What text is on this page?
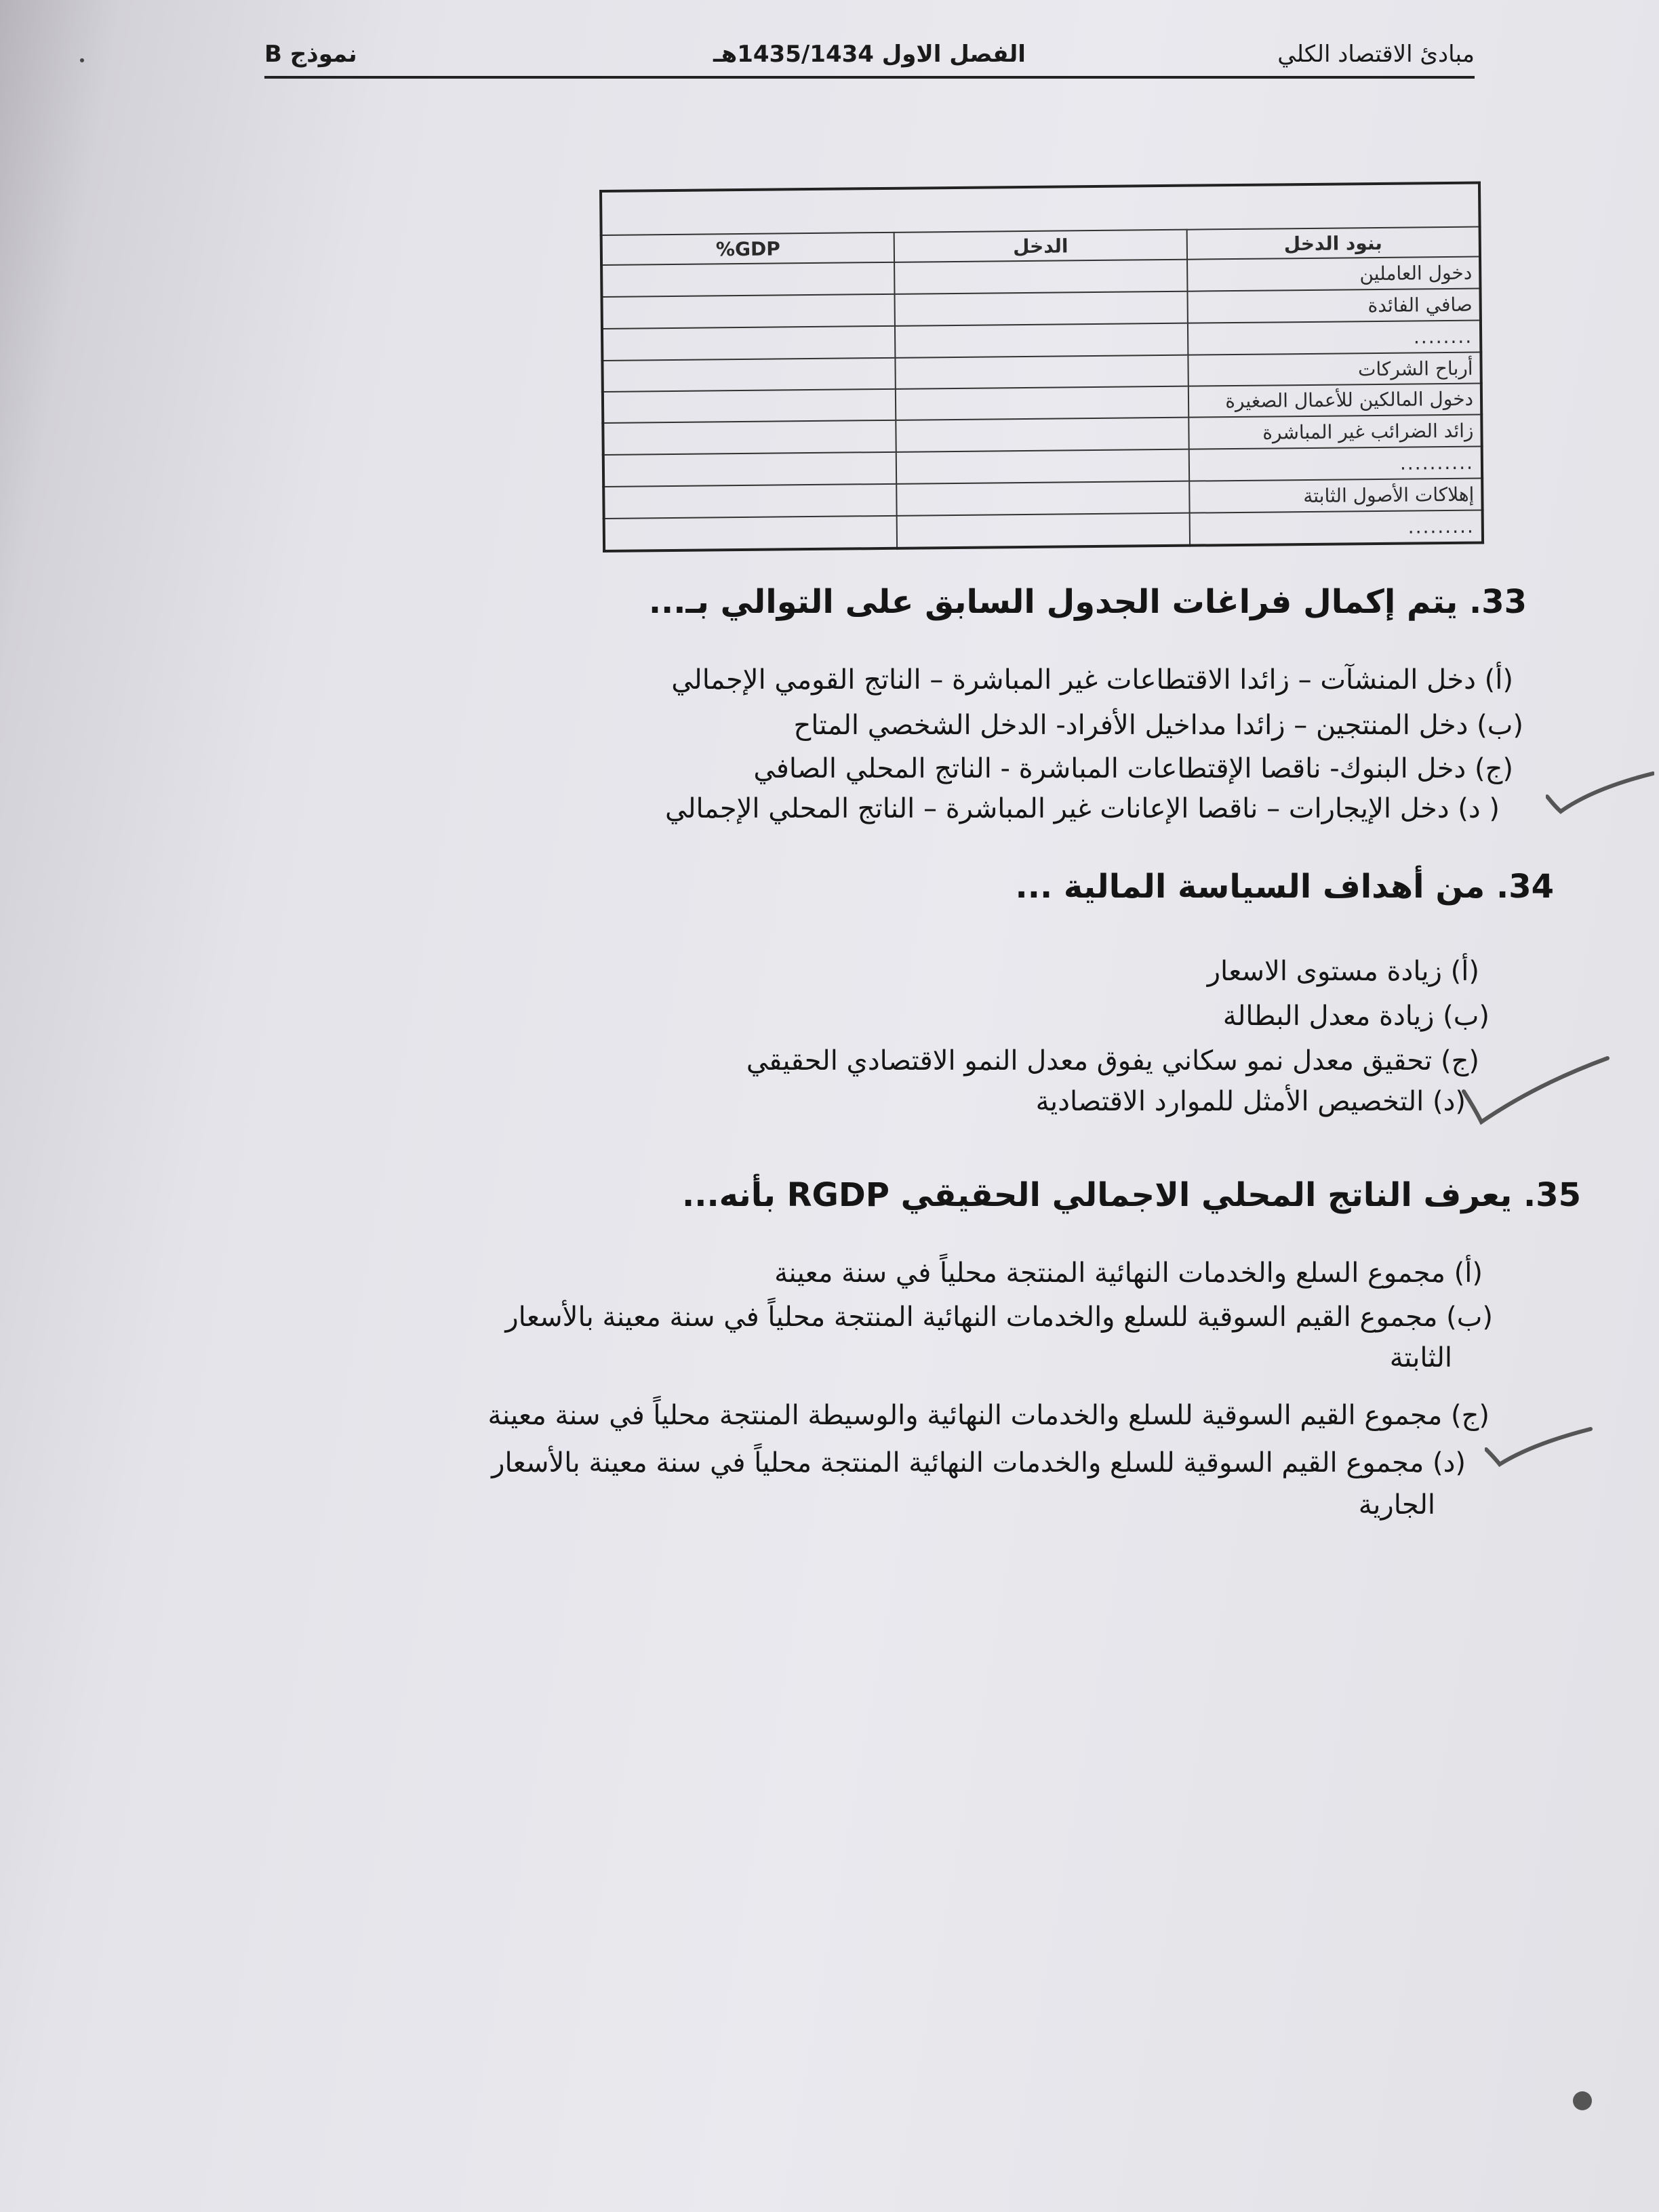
مبادئ الاقتصاد الكلي
الفصل الاول 1435/1434هـ
نموذج B

بنود الدخل	الدخل	GDP%
دخول العاملين		
صافي الفائدة		
........		
أرباح الشركات		
دخول المالكين للأعمال الصغيرة		
زائد الضرائب غير المباشرة		
..........		
إهلاكات الأصول الثابتة		
.........		
33. يتم إكمال فراغات الجدول السابق على التوالي بـ...
(أ) دخل المنشآت – زائدا الاقتطاعات غير المباشرة – الناتج القومي الإجمالي
(ب) دخل المنتجين – زائدا مداخيل الأفراد- الدخل الشخصي المتاح
(ج) دخل البنوك- ناقصا الإقتطاعات المباشرة - الناتج المحلي الصافي
( د) دخل الإيجارات – ناقصا الإعانات غير المباشرة – الناتج المحلي الإجمالي
34. من أهداف السياسة المالية ...
(أ) زيادة مستوى الاسعار
(ب) زيادة معدل البطالة
(ج) تحقيق معدل نمو سكاني يفوق معدل النمو الاقتصادي الحقيقي
(د) التخصيص الأمثل للموارد الاقتصادية
35. يعرف الناتج المحلي الاجمالي الحقيقي RGDP بأنه...
(أ) مجموع السلع والخدمات النهائية المنتجة محلياً في سنة معينة
(ب) مجموع القيم السوقية للسلع والخدمات النهائية المنتجة محلياً في سنة معينة بالأسعار
الثابتة
(ج) مجموع القيم السوقية للسلع والخدمات النهائية والوسيطة المنتجة محلياً في سنة معينة
(د) مجموع القيم السوقية للسلع والخدمات النهائية المنتجة محلياً في سنة معينة بالأسعار
الجارية
